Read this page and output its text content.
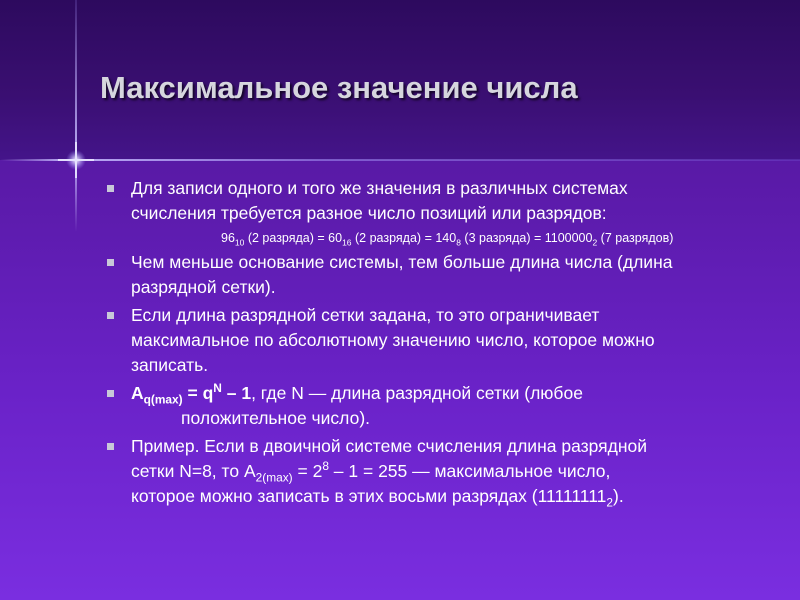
Максимальное значение числа
Для записи одного и того же значения в различных системах
счисления требуется разное число позиций или разрядов:
$96_{10}$ (2 разряда) = $60_{16}$ (2 разряда) = $140_8$ (3 разряда) = $1100000_2$ (7 разрядов)
Чем меньше основание системы, тем больше длина числа (длина
разрядной сетки).
Если длина разрядной сетки задана, то это ограничивает
максимальное по абсолютному значению число, которое можно
записать.
$A_{q(max)} = q^N - 1$, где N — длина разрядной сетки (любое
положительное число).
Пример. Если в двоичной системе счисления длина разрядной
сетки N=8, то $A_{2(max)} = 2^8 - 1 = 255$ — максимальное число,
которое можно записать в этих восьми разрядах $(11111111_2)$.
